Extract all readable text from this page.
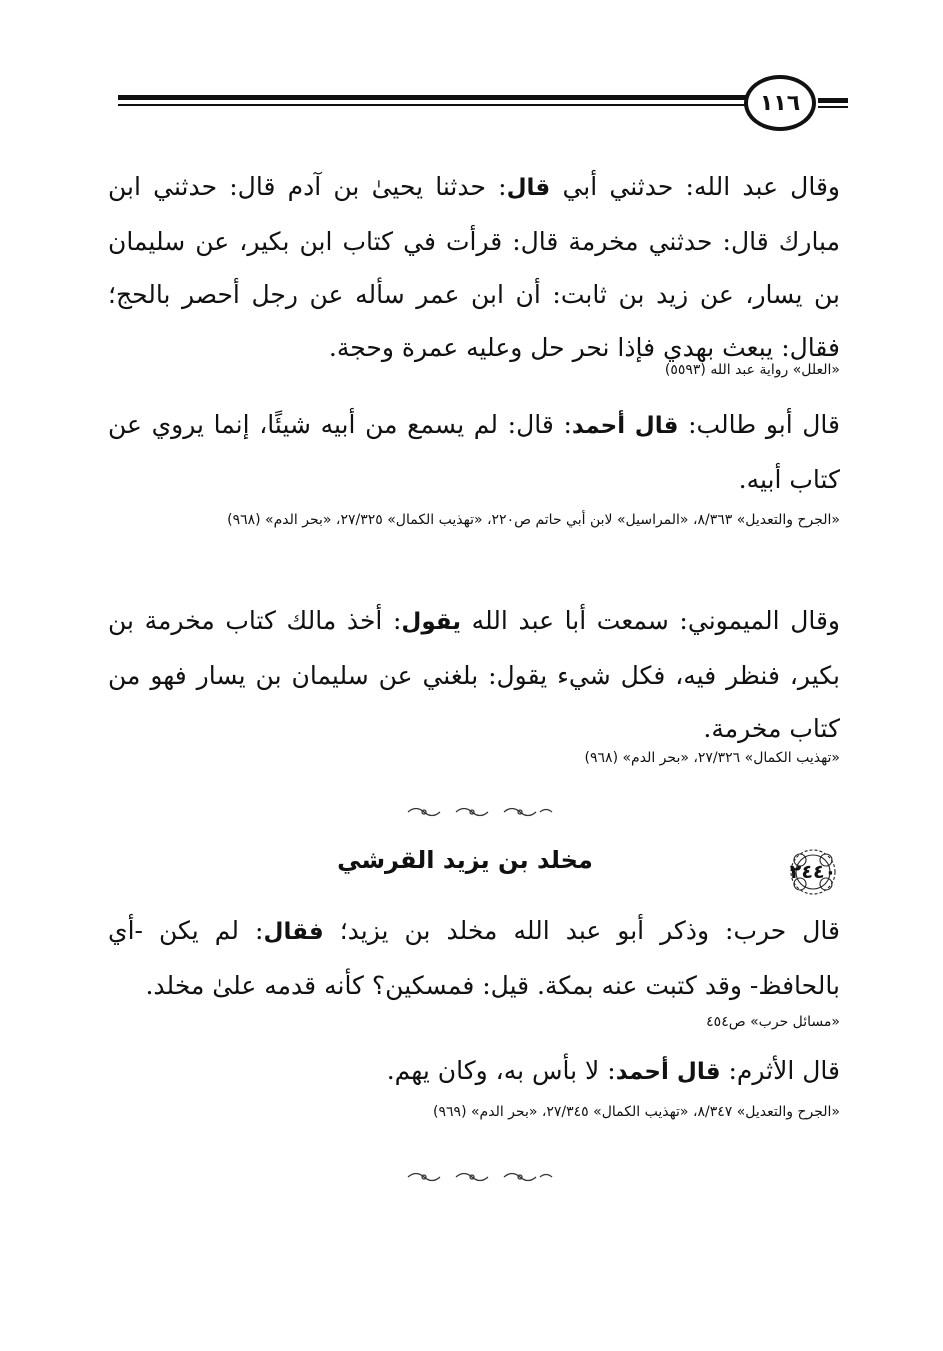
١١٦
وقال عبد الله: حدثني أبي قال: حدثنا يحيىٰ بن آدم قال: حدثني ابن مبارك قال: حدثني مخرمة قال: قرأت في كتاب ابن بكير، عن سليمان بن يسار، عن زيد بن ثابت: أن ابن عمر سأله عن رجل أحصر بالحج؛ فقال: يبعث بهدي فإذا نحر حل وعليه عمرة وحجة.
«العلل» رواية عبد الله (٥٥٩٣)
قال أبو طالب: قال أحمد: قال: لم يسمع من أبيه شيئًا، إنما يروي عن كتاب أبيه.
«الجرح والتعديل» ٨/٣٦٣، «المراسيل» لابن أبي حاتم ص٢٢٠، «تهذيب الكمال» ٢٧/٣٢٥، «بحر الدم» (٩٦٨)
وقال الميموني: سمعت أبا عبد الله يقول: أخذ مالك كتاب مخرمة بن بكير، فنظر فيه، فكل شيء يقول: بلغني عن سليمان بن يسار فهو من كتاب مخرمة.
«تهذيب الكمال» ٢٧/٣٢٦، «بحر الدم» (٩٦٨)
٢٤٤٠
مخلد بن يزيد القرشي
قال حرب: وذكر أبو عبد الله مخلد بن يزيد؛ فقال: لم يكن -أي بالحافظ- وقد كتبت عنه بمكة. قيل: فمسكين؟ كأنه قدمه علىٰ مخلد.
«مسائل حرب» ص٤٥٤
قال الأثرم: قال أحمد: لا بأس به، وكان يهم.
«الجرح والتعديل» ٨/٣٤٧، «تهذيب الكمال» ٢٧/٣٤٥، «بحر الدم» (٩٦٩)
